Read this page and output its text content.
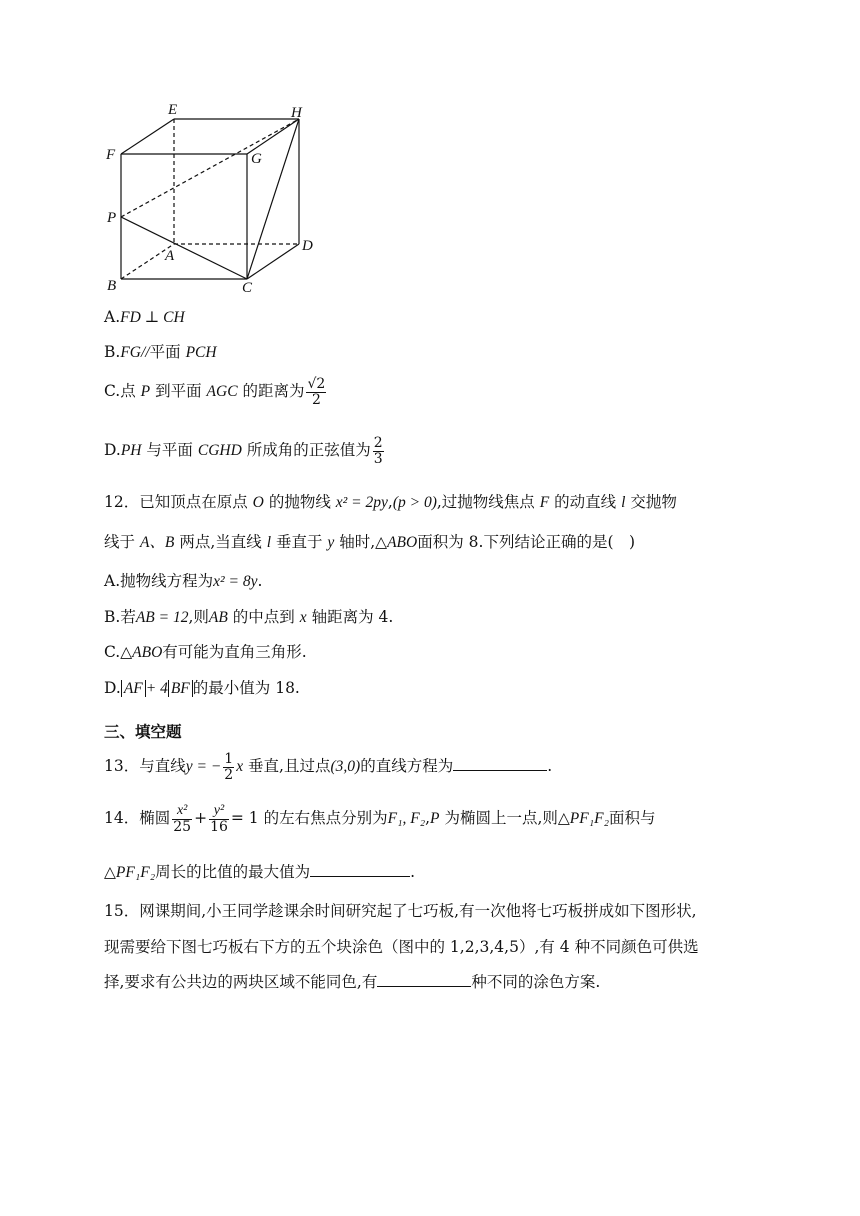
E	H
F	G
P
A
D
B	C
A.FD ⊥ CH
B.FG//平面 PCH
C.点 P 到平面 AGC 的距离为 $\frac{√2}{2}$
D.PH 与平面 CGHD 所成角的正弦值为 $\frac{2}{3}$
12．已知顶点在原点 O 的抛物线 x² = 2py,(p > 0),过抛物线焦点 F 的动直线 l 交抛物
线于 A、B 两点,当直线 l 垂直于 y 轴时,△ABO面积为 8.下列结论正确的是(　)
A.抛物线方程为x² = 8y.
B.若AB = 12,则AB 的中点到 x 轴距离为 4.
C.△ABO有可能为直角三角形.
D. AF + 4 BF 的最小值为 18.
三、填空题
13．与直线y = − $\frac{1}{2}$ x 垂直,且过点(3,0)的直线方程为	.
14．椭圆 $\frac{\text{x²}}{25} + \frac{\text{y²}}{16} = 1$ 的左右焦点分别为F₁, F₂,P 为椭圆上一点,则△PF₁F₂面积与
△PF₁F₂周长的比值的最大值为	.
15．网课期间,小王同学趁课余时间研究起了七巧板,有一次他将七巧板拼成如下图形状,
现需要给下图七巧板右下方的五个块涂色（图中的 1,2,3,4,5）,有 4 种不同颜色可供选
择,要求有公共边的两块区域不能同色,有	种不同的涂色方案.
